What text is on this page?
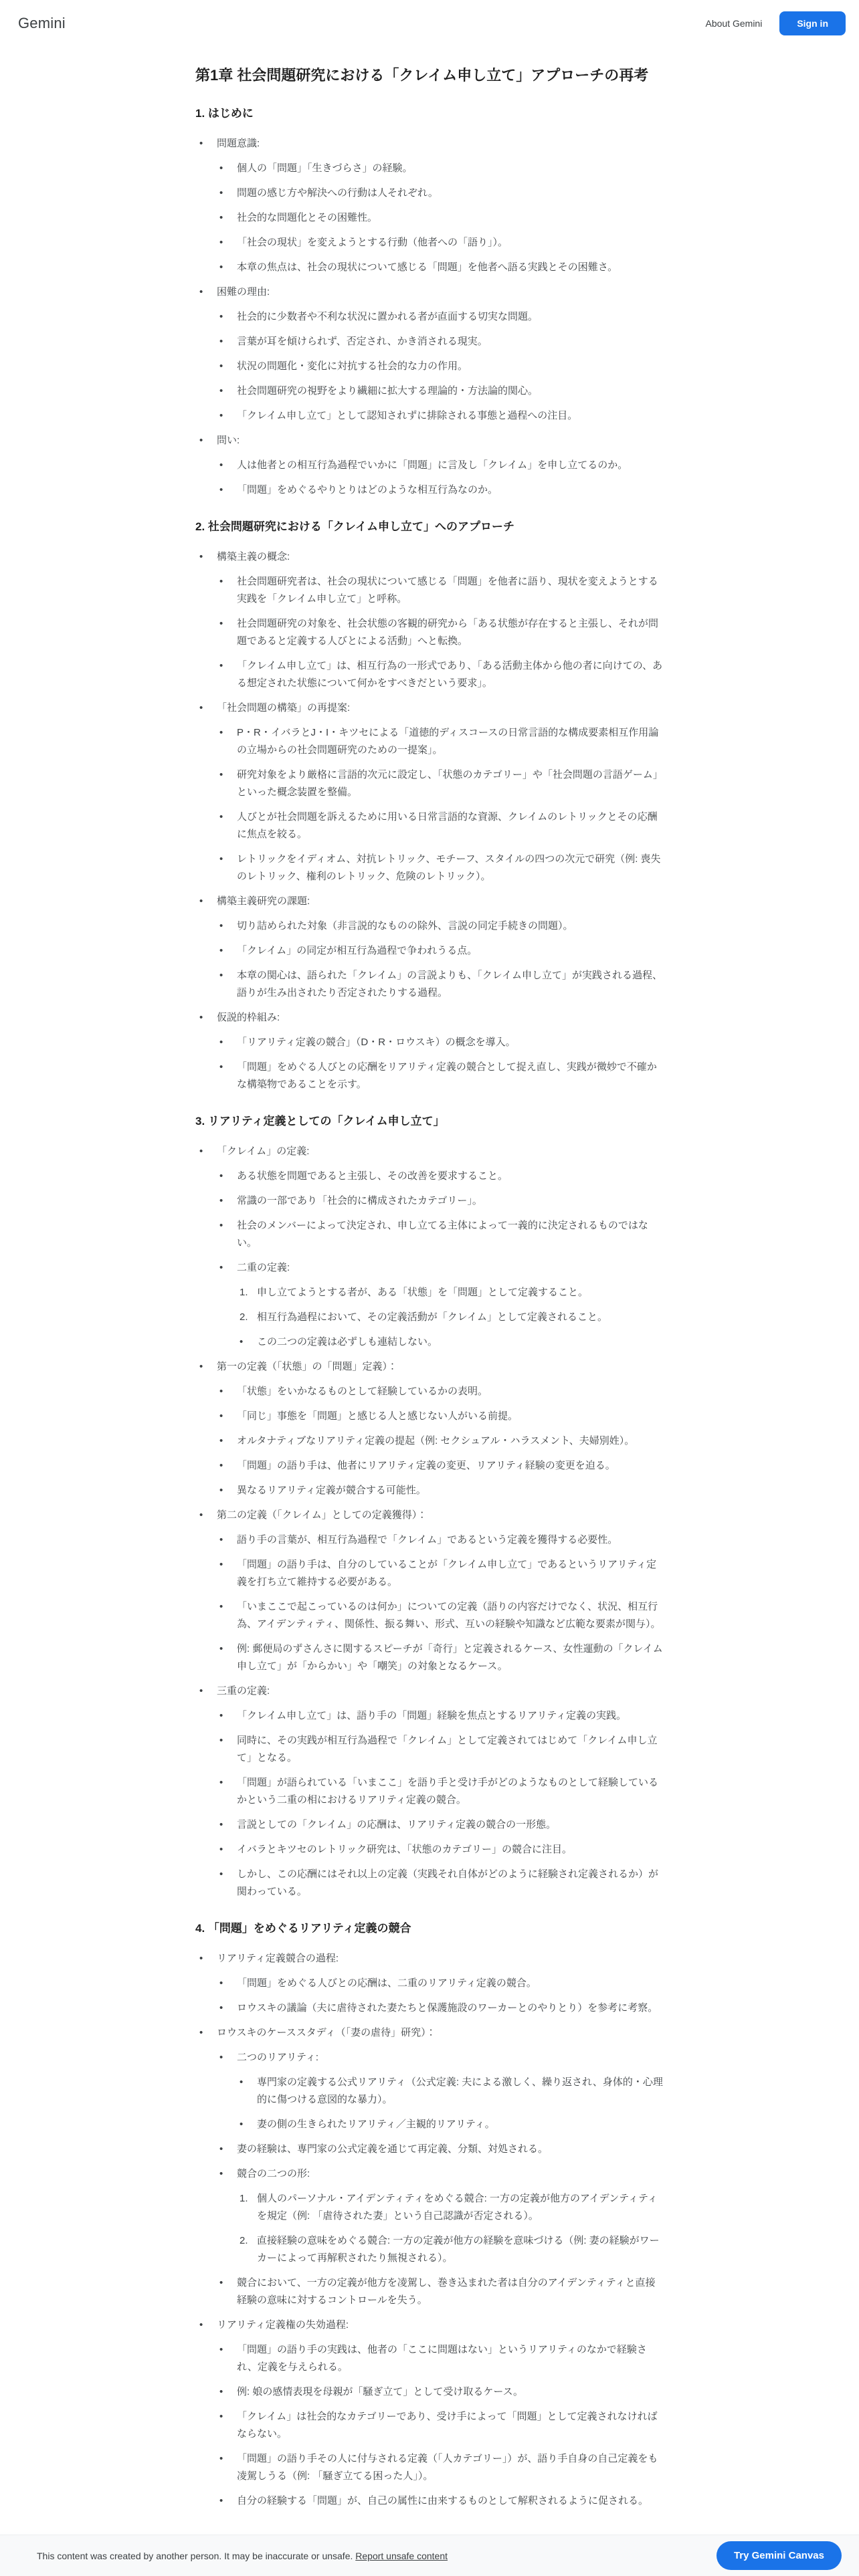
Gemini	About Gemini	Sign in
第1章 社会問題研究における「クレイム申し立て」アプローチの再考
1. はじめに
•	問題意識:
•	個人の「問題」「生きづらさ」の経験。
•	問題の感じ方や解決への行動は人それぞれ。
•	社会的な問題化とその困難性。
•	「社会の現状」を変えようとする行動（他者への「語り」）。
•	本章の焦点は、社会の現状について感じる「問題」を他者へ語る実践とその困難さ。
•	困難の理由:
•	社会的に少数者や不利な状況に置かれる者が直面する切実な問題。
•	言葉が耳を傾けられず、否定され、かき消される現実。
•	状況の問題化・変化に対抗する社会的な力の作用。
•	社会問題研究の視野をより繊細に拡大する理論的・方法論的関心。
•	「クレイム申し立て」として認知されずに排除される事態と過程への注目。
•	問い:
•	人は他者との相互行為過程でいかに「問題」に言及し「クレイム」を申し立てるのか。
•	「問題」をめぐるやりとりはどのような相互行為なのか。
2. 社会問題研究における「クレイム申し立て」へのアプローチ
•	構築主義の概念:
•	社会問題研究者は、社会の現状について感じる「問題」を他者に語り、現状を変えようとする実践を「クレイム申し立て」と呼称。
•	社会問題研究の対象を、社会状態の客観的研究から「ある状態が存在すると主張し、それが問題であると定義する人びとによる活動」へと転換。
•	「クレイム申し立て」は、相互行為の一形式であり、「ある活動主体から他の者に向けての、ある想定された状態について何かをすべきだという要求」。
•	「社会問題の構築」の再提案:
•	P・R・イバラとJ・I・キツセによる「道徳的ディスコースの日常言語的な構成要素相互作用論の立場からの社会問題研究のための一提案」。
•	研究対象をより厳格に言語的次元に設定し、「状態のカテゴリー」や「社会問題の言語ゲーム」といった概念装置を整備。
•	人びとが社会問題を訴えるために用いる日常言語的な資源、クレイムのレトリックとその応酬に焦点を絞る。
•	レトリックをイディオム、対抗レトリック、モチーフ、スタイルの四つの次元で研究（例: 喪失のレトリック、権利のレトリック、危険のレトリック）。
•	構築主義研究の課題:
•	切り詰められた対象（非言説的なものの除外、言説の同定手続きの問題）。
•	「クレイム」の同定が相互行為過程で争われうる点。
•	本章の関心は、語られた「クレイム」の言説よりも、「クレイム申し立て」が実践される過程、語りが生み出されたり否定されたりする過程。
•	仮説的枠組み:
•	「リアリティ定義の競合」（D・R・ロウスキ）の概念を導入。
•	「問題」をめぐる人びとの応酬をリアリティ定義の競合として捉え直し、実践が微妙で不確かな構築物であることを示す。
3. リアリティ定義としての「クレイム申し立て」
•	「クレイム」の定義:
•	ある状態を問題であると主張し、その改善を要求すること。
•	常識の一部であり「社会的に構成されたカテゴリー」。
•	社会のメンバーによって決定され、申し立てる主体によって一義的に決定されるものではない。
•	二重の定義:
1. 申し立てようとする者が、ある「状態」を「問題」として定義すること。
2. 相互行為過程において、その定義活動が「クレイム」として定義されること。
•	この二つの定義は必ずしも連結しない。
•	第一の定義（「状態」の「問題」定義）：
•	「状態」をいかなるものとして経験しているかの表明。
•	「同じ」事態を「問題」と感じる人と感じない人がいる前提。
•	オルタナティブなリアリティ定義の提起（例: セクシュアル・ハラスメント、夫婦別姓）。
•	「問題」の語り手は、他者にリアリティ定義の変更、リアリティ経験の変更を迫る。
•	異なるリアリティ定義が競合する可能性。
•	第二の定義（「クレイム」としての定義獲得）：
•	語り手の言葉が、相互行為過程で「クレイム」であるという定義を獲得する必要性。
•	「問題」の語り手は、自分のしていることが「クレイム申し立て」であるというリアリティ定義を打ち立て維持する必要がある。
•	「いまここで起こっているのは何か」についての定義（語りの内容だけでなく、状況、相互行為、アイデンティティ、関係性、振る舞い、形式、互いの経験や知識など広範な要素が関与）。
•	例: 郵便局のずさんさに関するスピーチが「奇行」と定義されるケース、女性運動の「クレイム申し立て」が「からかい」や「嘲笑」の対象となるケース。
•	三重の定義:
•	「クレイム申し立て」は、語り手の「問題」経験を焦点とするリアリティ定義の実践。
•	同時に、その実践が相互行為過程で「クレイム」として定義されてはじめて「クレイム申し立て」となる。
•	「問題」が語られている「いまここ」を語り手と受け手がどのようなものとして経験しているかという二重の相におけるリアリティ定義の競合。
•	言説としての「クレイム」の応酬は、リアリティ定義の競合の一形態。
•	イバラとキツセのレトリック研究は、「状態のカテゴリー」の競合に注目。
•	しかし、この応酬にはそれ以上の定義（実践それ自体がどのように経験され定義されるか）が関わっている。
4. 「問題」をめぐるリアリティ定義の競合
•	リアリティ定義競合の過程:
•	「問題」をめぐる人びとの応酬は、二重のリアリティ定義の競合。
•	ロウスキの議論（夫に虐待された妻たちと保護施設のワーカーとのやりとり）を参考に考察。
•	ロウスキのケーススタディ（「妻の虐待」研究）：
•	二つのリアリティ:
•	専門家の定義する公式リアリティ（公式定義: 夫による激しく、繰り返され、身体的・心理的に傷つける意図的な暴力）。
•	妻の側の生きられたリアリティ／主観的リアリティ。
•	妻の経験は、専門家の公式定義を通じて再定義、分類、対処される。
•	競合の二つの形:
1. 個人のパーソナル・アイデンティティをめぐる競合: 一方の定義が他方のアイデンティティを規定（例: 「虐待された妻」という自己認識が否定される）。
2. 直接経験の意味をめぐる競合: 一方の定義が他方の経験を意味づける（例: 妻の経験がワーカーによって再解釈されたり無視される）。
•	競合において、一方の定義が他方を凌駕し、巻き込まれた者は自分のアイデンティティと直接経験の意味に対するコントロールを失う。
•	リアリティ定義権の失効過程:
•	「問題」の語り手の実践は、他者の「ここに問題はない」というリアリティのなかで経験され、定義を与えられる。
•	例: 娘の感情表現を母親が「騒ぎ立て」として受け取るケース。
•	「クレイム」は社会的なカテゴリーであり、受け手によって「問題」として定義されなければならない。
•	「問題」の語り手その人に付与される定義（「人カテゴリー」）が、語り手自身の自己定義をも凌駕しうる（例: 「騒ぎ立てる困った人」）。
•	自分の経験する「問題」が、自己の属性に由来するものとして解釈されるように促される。
This content was created by another person. It may be inaccurate or unsafe. Report unsafe content	Try Gemini Canvas
